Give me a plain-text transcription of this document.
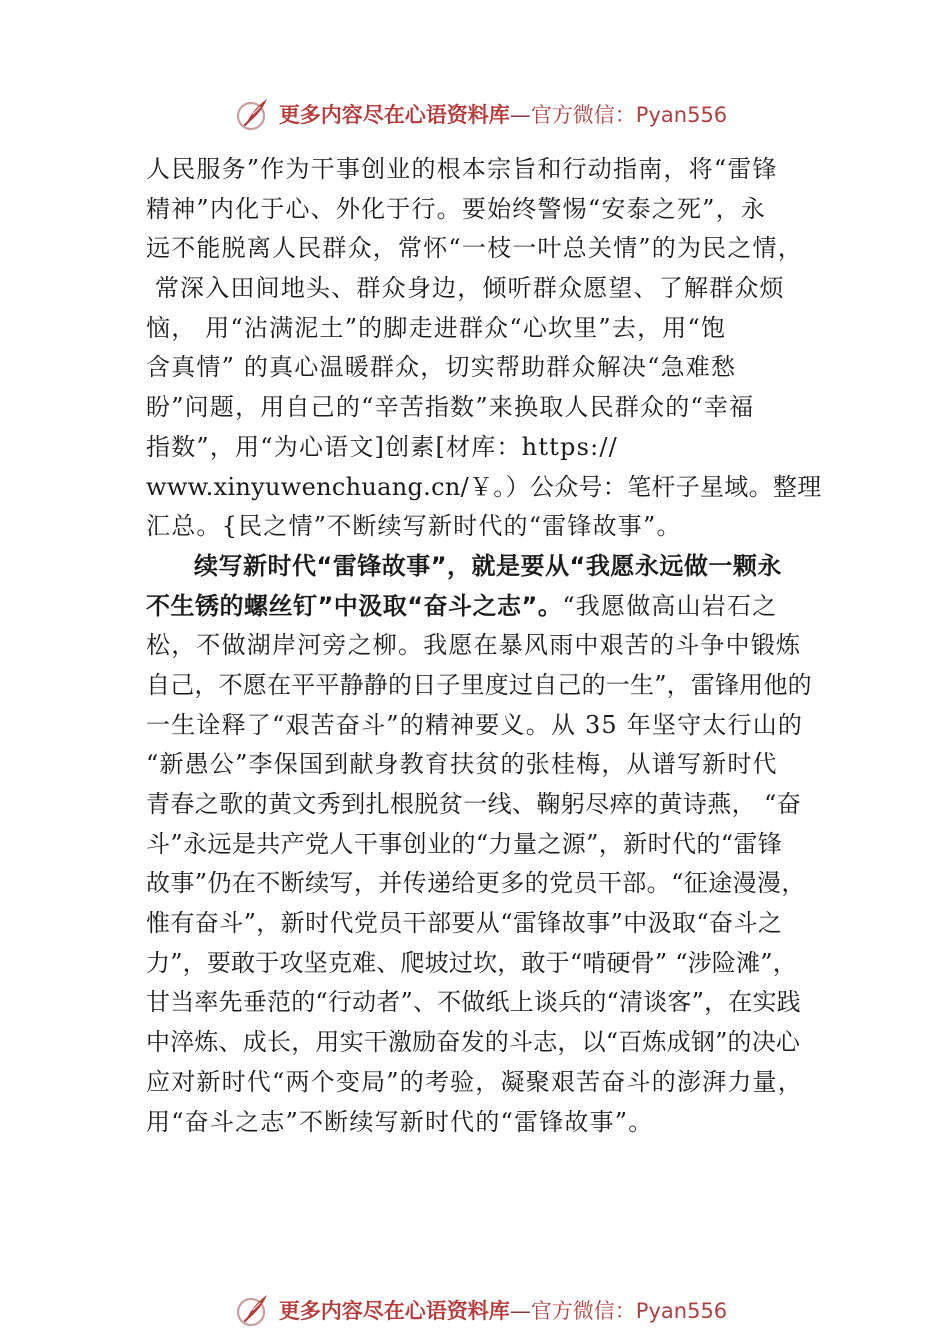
更多内容尽在心语资料库—官方微信：Pyan556
人民服务”作为干事创业的根本宗旨和行动指南，将“雷锋
精神”内化于心、外化于行。要始终警惕“安泰之死”，永
远不能脱离人民群众，常怀“一枝一叶总关情”的为民之情，
常深入田间地头、群众身边，倾听群众愿望、了解群众烦
恼， 用“沾满泥土”的脚走进群众“心坎里”去，用“饱
含真情” 的真心温暖群众，切实帮助群众解决“急难愁
盼”问题，用自己的“辛苦指数”来换取人民群众的“幸福
指数”，用“为心语文]创素[材库：https://
www.xinyuwenchuang.cn/￥。）公众号：笔杆子星域。整理
汇总。{民之情”不断续写新时代的“雷锋故事”。
续写新时代“雷锋故事”，就是要从“我愿永远做一颗永
不生锈的螺丝钉”中汲取“奋斗之志”。“我愿做高山岩石之
松，不做湖岸河旁之柳。我愿在暴风雨中艰苦的斗争中锻炼
自己，不愿在平平静静的日子里度过自己的一生”，雷锋用他的
一生诠释了“艰苦奋斗”的精神要义。从 35 年坚守太行山的
“新愚公”李保国到献身教育扶贫的张桂梅，从谱写新时代
青春之歌的黄文秀到扎根脱贫一线、鞠躬尽瘁的黄诗燕， “奋
斗”永远是共产党人干事创业的“力量之源”，新时代的“雷锋
故事”仍在不断续写，并传递给更多的党员干部。“征途漫漫，
惟有奋斗”，新时代党员干部要从“雷锋故事”中汲取“奋斗之
力”，要敢于攻坚克难、爬坡过坎，敢于“啃硬骨” “涉险滩”，
甘当率先垂范的“行动者”、不做纸上谈兵的“清谈客”，在实践
中淬炼、成长，用实干激励奋发的斗志，以“百炼成钢”的决心
应对新时代“两个变局”的考验，凝聚艰苦奋斗的澎湃力量，
用“奋斗之志”不断续写新时代的“雷锋故事”。
更多内容尽在心语资料库—官方微信：Pyan556
